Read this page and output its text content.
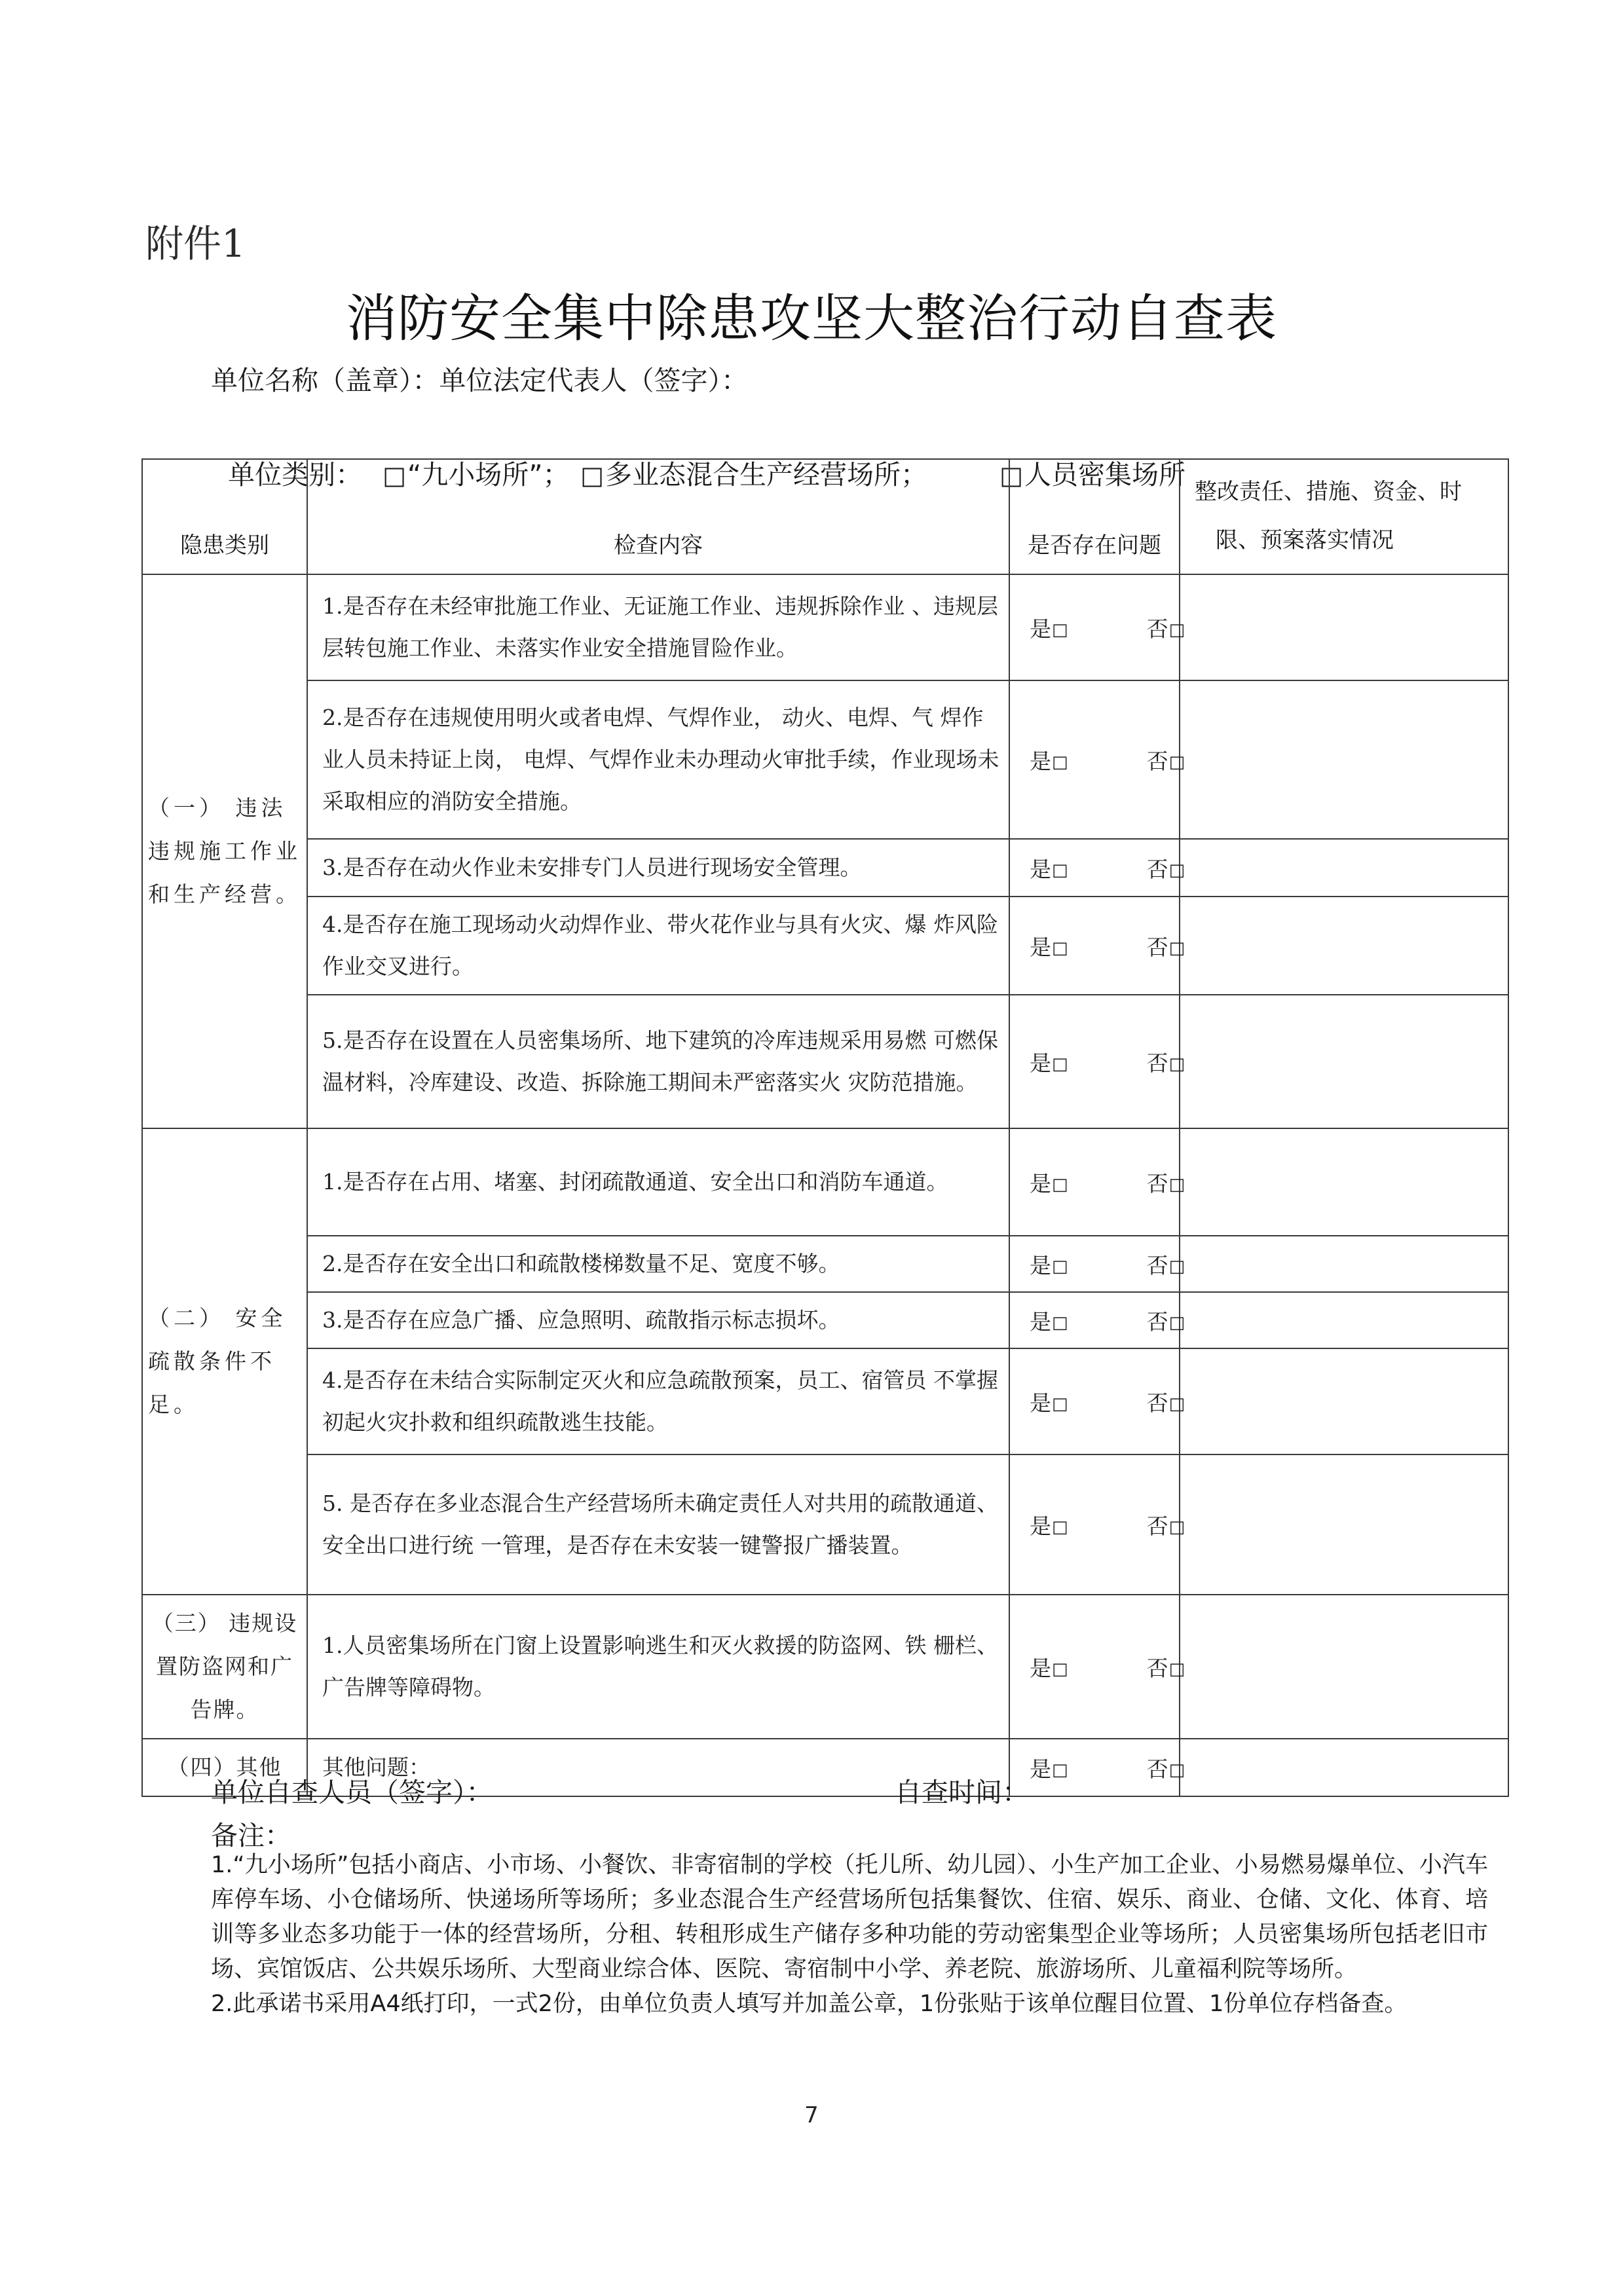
附件1
消防安全集中除患攻坚大整治行动自查表
单位名称（盖章）：单位法定代表人（签字）：

单位类别：
□“九小场所”；

□多业态混合生产经营场所；

	□人员密集场所

隐患类别	检查内容	是否存在问题	整改责任、措施、资金、时
限、预案落实情况

（一） 违法违规施工作业和生产经营。	1.是否存在未经审批施工作业、无证施工作业、违规拆除作业 、违规层层转包施工作业、未落实作业安全措施冒险作业。	是□ 否□	
	2.是否存在违规使用明火或者电焊、气焊作业， 动火、电焊、气 焊作业人员未持证上岗， 电焊、气焊作业未办理动火审批手续，作业现场未采取相应的消防安全措施。	是□ 否□	
	3.是否存在动火作业未安排专门人员进行现场安全管理。	是□ 否□	
	4.是否存在施工现场动火动焊作业、带火花作业与具有火灾、爆 炸风险作业交叉进行。	是□ 否□	
	5.是否存在设置在人员密集场所、地下建筑的冷库违规采用易燃 可燃保温材料，冷库建设、改造、拆除施工期间未严密落实火 灾防范措施。	是□ 否□	
（二） 安全疏散条件不足。	1.是否存在占用、堵塞、封闭疏散通道、安全出口和消防车通道。	是□ 否□	
	2.是否存在安全出口和疏散楼梯数量不足、宽度不够。	是□ 否□	
	3.是否存在应急广播、应急照明、疏散指示标志损坏。	是□ 否□	
	4.是否存在未结合实际制定灭火和应急疏散预案，员工、宿管员 不掌握初起火灾扑救和组织疏散逃生技能。	是□ 否□	
	5. 是否存在多业态混合生产经营场所未确定责任人对共用的疏散通道、安全出口进行统 一管理，是否存在未安装一键警报广播装置。	是□ 否□	
（三） 违规设置防盗网和广告牌。	1.人员密集场所在门窗上设置影响逃生和灭火救援的防盗网、铁 栅栏、广告牌等障碍物。	是□ 否□	
（四）其他	其他问题：	是□ 否□	
单位自查人员（签字）：	自查时间：
备注：

1.“九小场所”包括小商店、小市场、小餐饮、非寄宿制的学校（托儿所、幼儿园）、小生产加工企业、小易燃易爆单位、小汽车库停车场、小仓储场所、快递场所等场所；多业态混合生产经营场所包括集餐饮、住宿、娱乐、商业、仓储、文化、体育、培训等多业态多功能于一体的经营场所，分租、转租形成生产储存多种功能的劳动密集型企业等场所；人员密集场所包括老旧市场、宾馆饭店、公共娱乐场所、大型商业综合体、医院、寄宿制中小学、养老院、旅游场所、儿童福利院等场所。

2.此承诺书采用A4纸打印，一式2份，由单位负责人填写并加盖公章，1份张贴于该单位醒目位置、1份单位存档备查。

7
